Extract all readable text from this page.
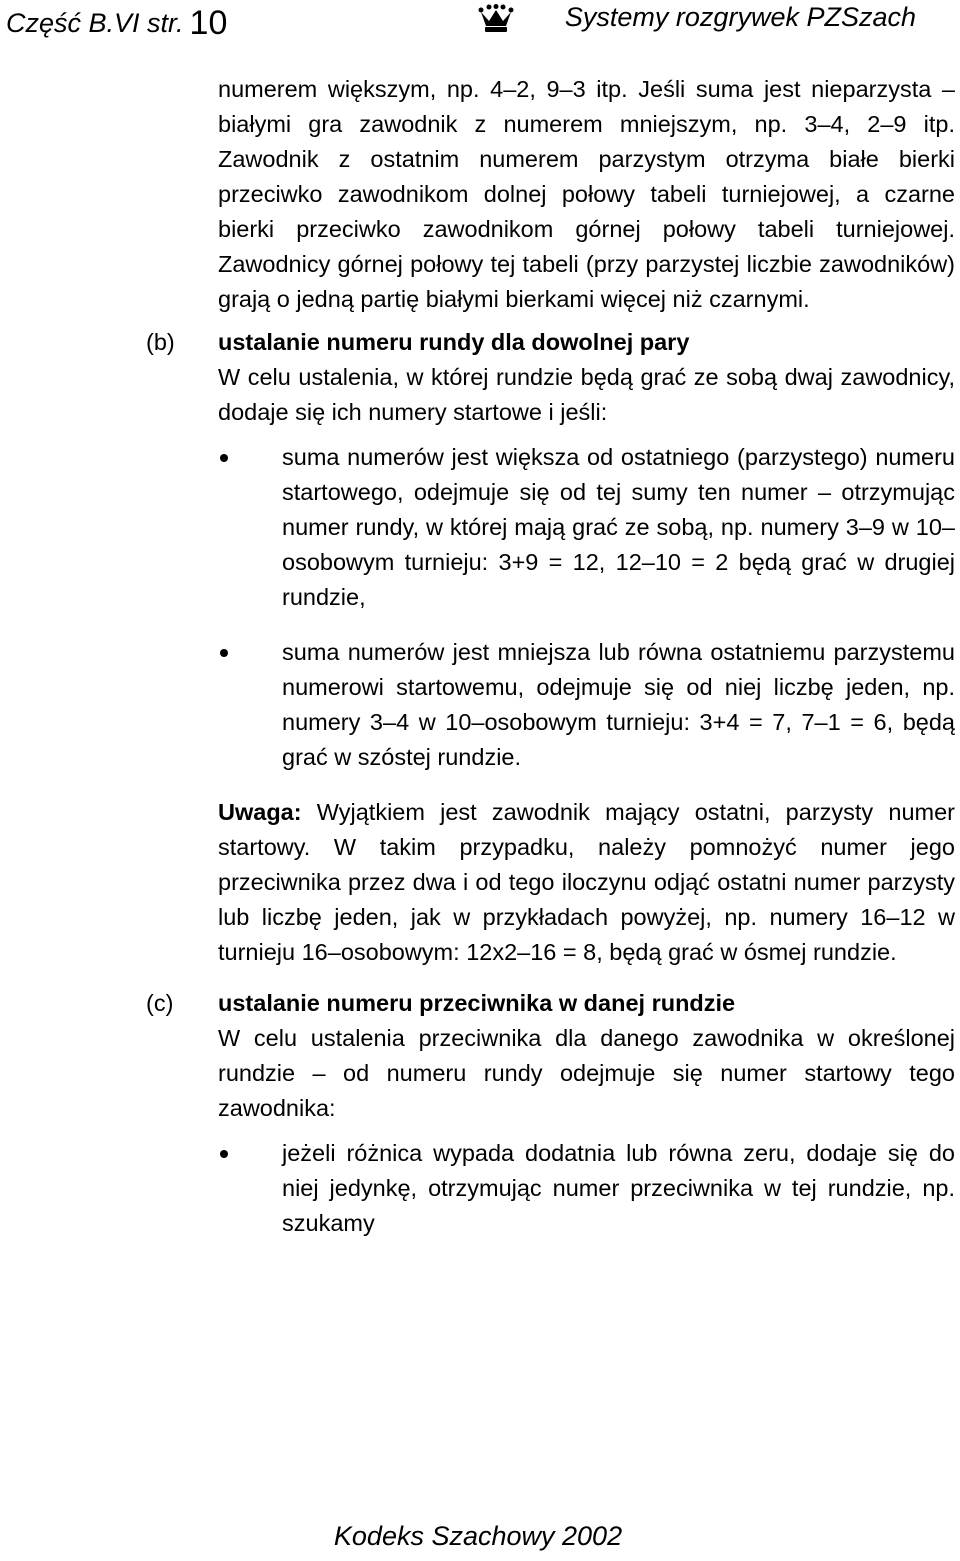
Część B.VI str. 10	Systemy rozgrywek PZSzach

numerem większym, np. 4–2, 9–3 itp. Jeśli suma jest nieparzysta – białymi gra zawodnik z numerem mniejszym, np. 3–4, 2–9 itp. Zawodnik z ostatnim numerem parzystym otrzyma białe bierki przeciwko zawodnikom dolnej połowy tabeli turniejowej, a czarne bierki przeciwko zawodnikom górnej połowy tabeli turniejowej. Zawodnicy górnej połowy tej tabeli (przy parzystej liczbie zawodników) grają o jedną partię białymi bierkami więcej niż czarnymi.

(b) ustalanie numeru rundy dla dowolnej pary

W celu ustalenia, w której rundzie będą grać ze sobą dwaj zawodnicy, dodaje się ich numery startowe i jeśli:

suma numerów jest większa od ostatniego (parzystego) numeru startowego, odejmuje się od tej sumy ten numer – otrzymując numer rundy, w której mają grać ze sobą, np. numery 3–9 w 10–osobowym turnieju: 3+9 = 12, 12–10 = 2 będą grać w drugiej rundzie,
suma numerów jest mniejsza lub równa ostatniemu parzystemu numerowi startowemu, odejmuje się od niej liczbę jeden, np. numery 3–4 w 10–osobowym turnieju: 3+4 = 7, 7–1 = 6, będą grać w szóstej rundzie.

Uwaga: Wyjątkiem jest zawodnik mający ostatni, parzysty numer startowy. W takim przypadku, należy pomnożyć numer jego przeciwnika przez dwa i od tego iloczynu odjąć ostatni numer parzysty lub liczbę jeden, jak w przykładach powyżej, np. numery 16–12 w turnieju 16–osobowym: 12x2–16 = 8, będą grać w ósmej rundzie.

(c) ustalanie numeru przeciwnika w danej rundzie

W celu ustalenia przeciwnika dla danego zawodnika w określonej rundzie – od numeru rundy odejmuje się numer startowy tego zawodnika:

jeżeli różnica wypada dodatnia lub równa zeru, dodaje się do niej jedynkę, otrzymując numer przeciwnika w tej rundzie, np. szukamy
Kodeks Szachowy 2002
